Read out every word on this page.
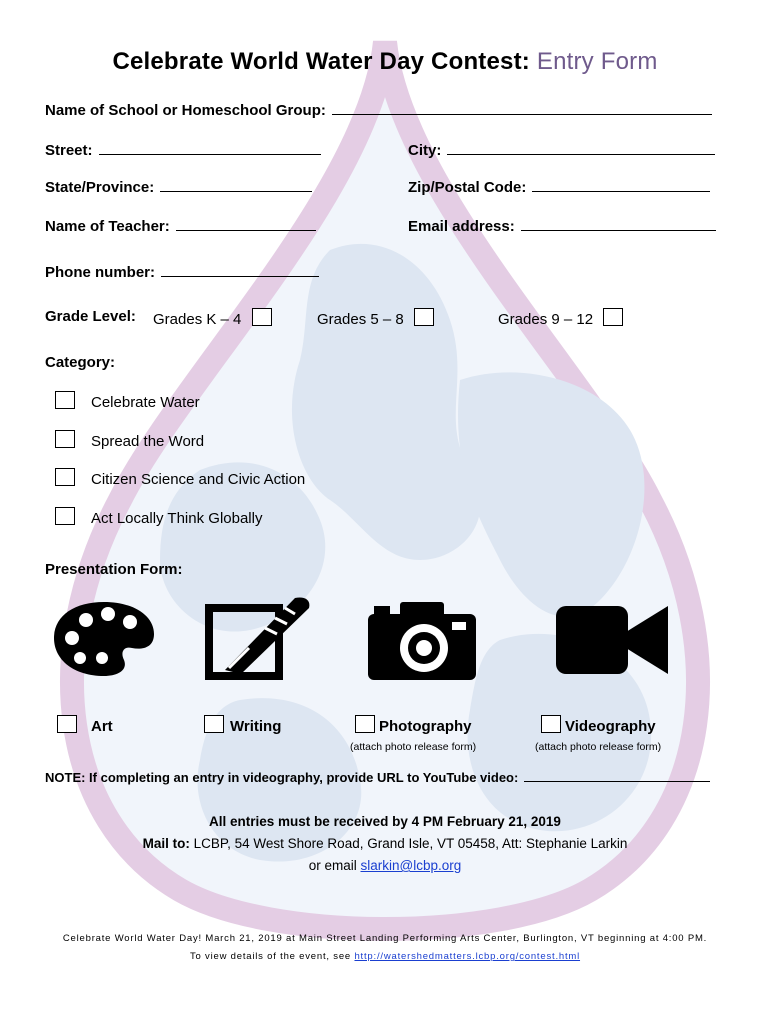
Celebrate World Water Day Contest: Entry Form
Name of School or Homeschool Group:
Street:	City:
State/Province:	Zip/Postal Code:
Name of Teacher:	Email address:
Phone number:
Grade Level: Grades K – 4	Grades 5 – 8	Grades 9 – 12
Category:
Celebrate Water
Spread the Word
Citizen Science and Civic Action
Act Locally Think Globally
Presentation Form:
Art	Writing	Photography	Videography
(attach photo release form)	(attach photo release form)
NOTE: If completing an entry in videography, provide URL to YouTube video:
All entries must be received by 4 PM February 21, 2019
Mail to: LCBP, 54 West Shore Road, Grand Isle, VT 05458, Att: Stephanie Larkin
or email slarkin@lcbp.org
Celebrate World Water Day! March 21, 2019 at Main Street Landing Performing Arts Center, Burlington, VT beginning at 4:00 PM.
To view details of the event, see http://watershedmatters.lcbp.org/contest.html
